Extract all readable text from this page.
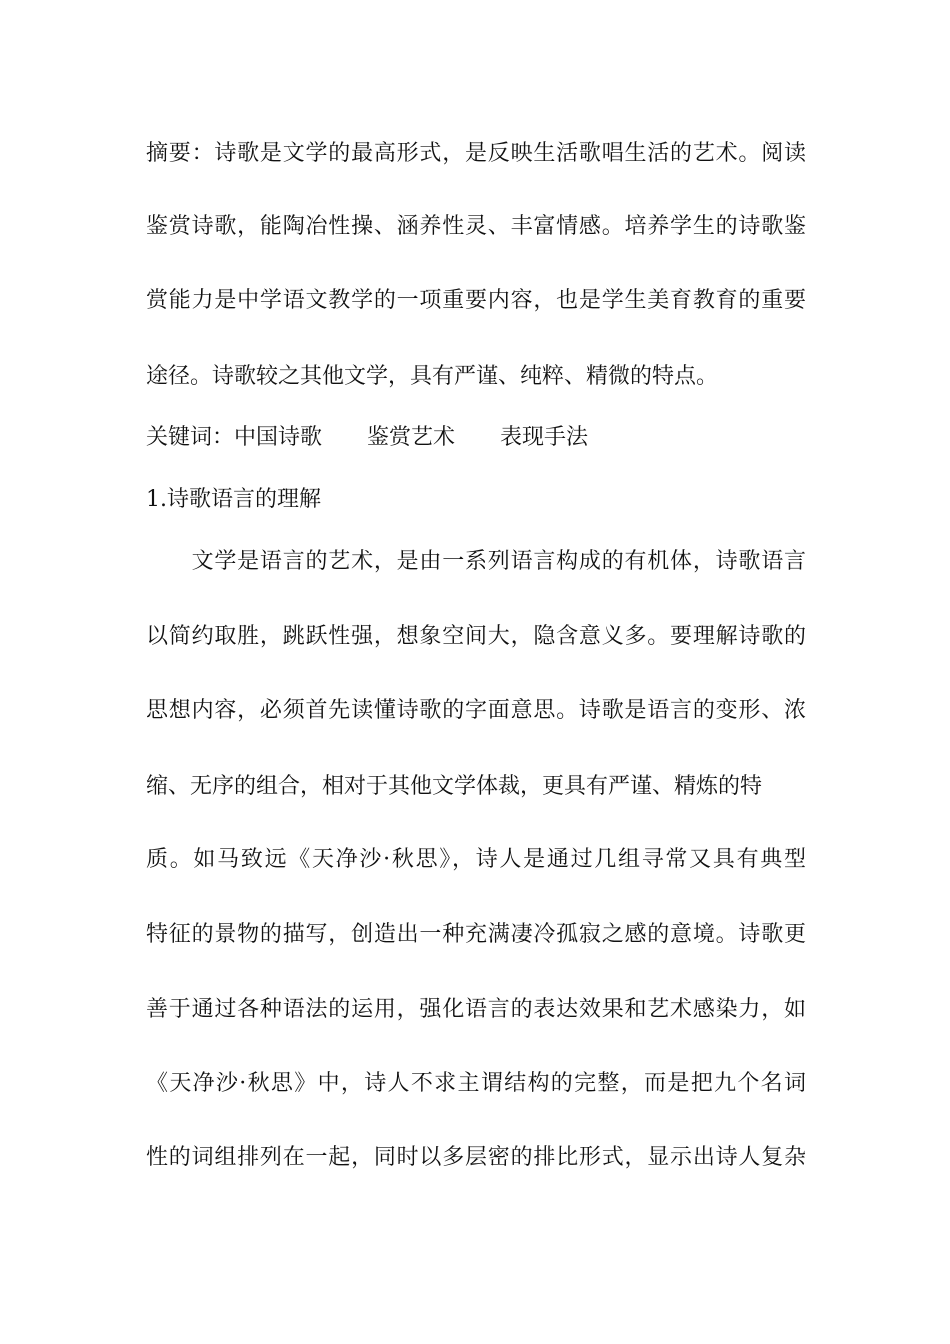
摘要：诗歌是文学的最高形式，是反映生活歌唱生活的艺术。阅读
鉴赏诗歌，能陶冶性操、涵养性灵、丰富情感。培养学生的诗歌鉴
赏能力是中学语文教学的一项重要内容，也是学生美育教育的重要
途径。诗歌较之其他文学，具有严谨、纯粹、精微的特点。
关键词：中国诗歌 鉴赏艺术 表现手法
1.诗歌语言的理解
　　文学是语言的艺术，是由一系列语言构成的有机体，诗歌语言
以简约取胜，跳跃性强，想象空间大，隐含意义多。要理解诗歌的
思想内容，必须首先读懂诗歌的字面意思。诗歌是语言的变形、浓
缩、无序的组合，相对于其他文学体裁，更具有严谨、精炼的特
质。如马致远《天净沙·秋思》，诗人是通过几组寻常又具有典型
特征的景物的描写，创造出一种充满凄冷孤寂之感的意境。诗歌更
善于通过各种语法的运用，强化语言的表达效果和艺术感染力，如
《天净沙·秋思》中，诗人不求主谓结构的完整，而是把九个名词
性的词组排列在一起，同时以多层密的排比形式，显示出诗人复杂
